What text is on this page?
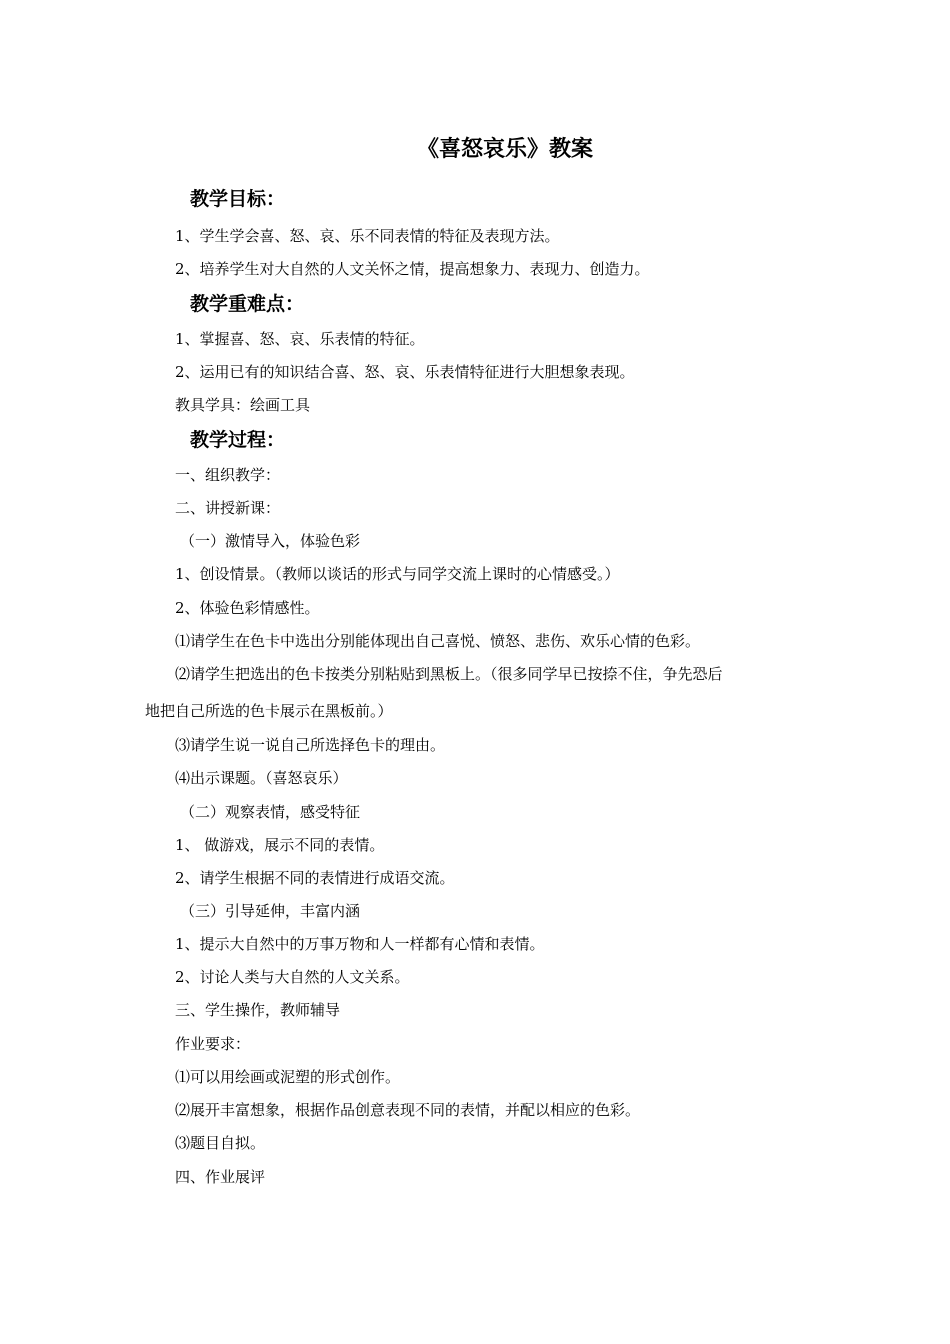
《喜怒哀乐》教案
教学目标：
1、学生学会喜、怒、哀、乐不同表情的特征及表现方法。
2、培养学生对大自然的人文关怀之情，提高想象力、表现力、创造力。
教学重难点：
1、掌握喜、怒、哀、乐表情的特征。
2、运用已有的知识结合喜、怒、哀、乐表情特征进行大胆想象表现。
教具学具：绘画工具
教学过程：
一、组织教学：
二、讲授新课：
（一）激情导入，体验色彩
1、创设情景。（教师以谈话的形式与同学交流上课时的心情感受。）
2、体验色彩情感性。
⑴请学生在色卡中选出分别能体现出自己喜悦、愤怒、悲伤、欢乐心情的色彩。
⑵请学生把选出的色卡按类分别粘贴到黑板上。（很多同学早已按捺不住，争先恐后
地把自己所选的色卡展示在黑板前。）
⑶请学生说一说自己所选择色卡的理由。
⑷出示课题。（喜怒哀乐）
（二）观察表情，感受特征
1、 做游戏，展示不同的表情。
2、请学生根据不同的表情进行成语交流。
（三）引导延伸，丰富内涵
1、提示大自然中的万事万物和人一样都有心情和表情。
2、讨论人类与大自然的人文关系。
三、学生操作，教师辅导
作业要求：
⑴可以用绘画或泥塑的形式创作。
⑵展开丰富想象，根据作品创意表现不同的表情，并配以相应的色彩。
⑶题目自拟。
四、作业展评
